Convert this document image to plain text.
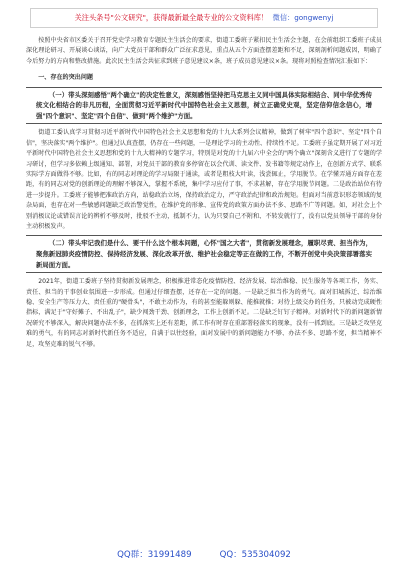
关注头条号"公文研究"，获得最新最全最专业的公文资料库！ 微信：gongwenyj

按照中央省市区委关于召开党史学习教育专题民主生活会的要求，街道工委班子紧扣民主生活会主题，在会前组织工委班子成员深化理论研习、开展谈心谈话，向广大党员干部和群众广泛征求意见，重点从五个方面查摆差距和不足，深刻剖析问题成因，明确了今后努力的方向和整改措施。此次民主生活会共征求到班子意见建议×条，班子成员意见建议×条。现将对照检查情况汇报如下：

一、存在的突出问题

（一）带头深刻感悟"两个确立"的决定性意义，深刻感悟坚持把马克思主义同中国具体实际相结合、同中华优秀传统文化相结合的非凡历程，全面贯彻习近平新时代中国特色社会主义思想，树立正确党史观，坚定信仰信念信心，增强"四个意识"、坚定"四个自信"、做到"两个维护"方面。

街道工委认真学习贯彻习近平新时代中国特色社会主义思想和党的十九大系列会议精神，做到了树牢"四个意识"、坚定"四个自信"，坚决落实"两个维护"。但通过认真查摆，仍存在一些问题，一是理论学习的主动性、持续性不足。工委班子虽定期开展了对习近平新时代中国特色社会主义思想和党的十九大精神的专题学习，特别是对党的十九届六中全会的"两个确立"深刻含义进行了专题的学习研讨，但学习多依赖上级通知、部署，对党员干部的教育多停留在以会代训、读文件、发书籍等规定动作上，在创新方式学、联系实际学方面做得不够。比如，有的同志对理论的学习局限于通读，或者是粗枝大叶读，浅尝辄止，学用脱节。在学懂弄通方面存在差距，有的同志对党的创新理论的理解不够深入，掌握不系统，集中学习应付了事，不求甚解，存在学用脱节问题。二是政治站位有待进一步提升。工委班子能够把准政治方向，站稳政治立场，保持政治定力，严守政治纪律和政治规矩。但面对当前意识形态领域的复杂局面，也存在对一些敏感问题缺乏政治警觉性，在维护党的形象、宣传党的政策方面办法不多、思路不广等问题。如，对社会上个别消极议论或错误言论的辨析不够及时，批驳不主动，抵制不力，认为只要自己不附和、不转发就行了，没有以党员领导干部的身份主动积极发声。

（二）带头牢记我们是什么、要干什么这个根本问题，心怀"国之大者"，贯彻新发展理念，履职尽责、担当作为，聚焦新冠肺炎疫情防控、保持经济发展、深化改革开放、维护社会稳定等正在做的工作，不断开创党中央决策部署落实新局面方面。

2021年，街道工委班子坚持贯彻新发展理念，积极推进常态化疫情防控、经济发展、综治维稳、民生服务等各项工作，务实、责任、担当的干事创业氛围进一步形成。但通过仔细查摆，还存在一定的问题。一是缺乏担当作为的勇气。面对旧城拆迁、综治维稳、安全生产等压力大、责任重的"硬骨头"，不敢主动作为，有的甚至能躲则躲、能推就推；对待上级交办的任务，只被动完成硬性指标，满足于"守好摊子、不出乱子"，缺少闯劲干劲、创新理念，工作上创新不足。二是缺乏钉钉子精神。对新时代下的新问题新情况研究不够深入，解决问题办法不多，在抓落实上还有差距，抓工作有时存在重部署轻落实的现象，没有一抓到底。三是缺乏攻坚克难的勇气，有的同志对新时代新任务不适应，自满于以往经验，面对发展中的新问题能力不够、办法不多、思路不宽，担当精神不足，攻坚克难的锐气不够。

QQ群：31991489	QQ：535304092
